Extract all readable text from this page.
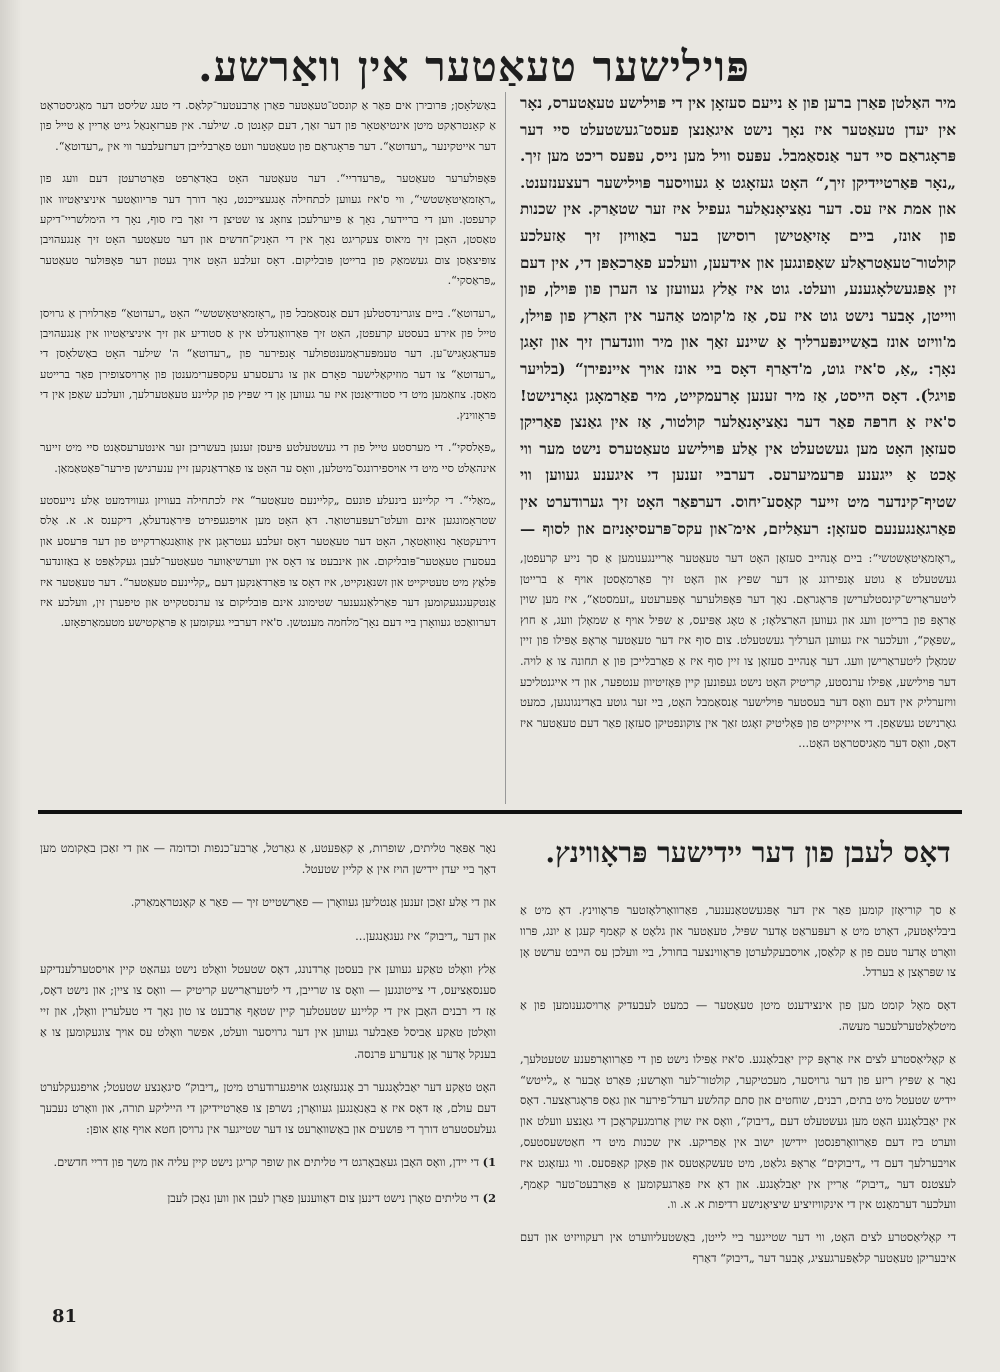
פּוילישער טעאַטער אין וואַרשע.

מיר האַלטן פאַרן ברען פון אַ נייעם סעזאָן אין די פּוילישע טעאַטערס, נאָר אין יעדן טעאַטער איז נאָך נישט איגאַנצן פעסט־געשטעלט סיי דער פּראָגראַם סיי דער אַנסאַמבל. עפּעס וויל מען נייס, עפּעס ריכט מען זיך. „נאָר פּאַרטיידיקן זיך,“ האָט געזאָגט אַ געוויסער פּוילישער רעצענזענט. און אמת איז עס. דער נאַציאָנאַלער געפיל איז זער שטאַרק. אין שכנות פון אונז, ביים אָזיאַטישן רוסישן בער באַוויזן זיך אַזעלכע קולטור־טעאַטראַלע שאַפונגען און אידעען, וועלכע פאַרכאַפּן די, אין דעם זין אַפּגעשלאָגענע, וועלט. גוט איז אַלץ געוועזן צו הערן פון פּוילן, פון ווייטן, אָבער נישט גוט איז עס, אַז מ'קומט אַהער אין האַרץ פון פּוילן, מ'וויזט אונז באַשיינפּערליך אַ שיינע זאַך און מיר ווונדערן זיך און זאָגן נאָך: „אַ, ס'איז גוט, מ'דאַרף דאָס ביי אונז אויך איינפירן“ (בלויער פויגל). דאָס הייסט, אַז מיר זענען אָרעמקייט, מיר פאַרמאָגן גאָרנישט! ס'איז אַ חרפּה פאַר דער נאַציאָנאַלער קולטור, אַז אין גאַנצן פאַריקן סעזאָן האָט מען געשטעלט אין אַלע פּוילישע טעאַטערס נישט מער ווי אַכט אַ ייגענע פּרעמיערעס. דערביי זענען די איגענע געווען ווי שטיף־קינדער מיט זייער קאַסע־יחוס. דערפאַר האָט זיך גערודערט אין פאַרגאַנגענעם סעזאָן: רעאַליזם, אימ־און עקס־פּרעסיאָניזם און לסוף —

„ראָזמאַיטאָשטשי“: ביים אָנהייב סעזאָן האָט דער טעאַטער אַריינגענומען אַ סך נייע קרעפטן, געשטעלט אַ גוטע אָנפירונג אָן דער שפּיץ און האָט זיך פאַרמאָסטן אויף אַ ברייטן ליטעראַריש־קינסטלערישן פּראָגראַם. נאָך דער פּאָפּולערער אָפּערעטע „זעמסטאַ“, איז מען שוין אַראָפּ פון ברייטן וועג און געווען האַרצלאָז; אַ טאָג אַפּיעס, אַ שפּיל אויף אַ שמאָלן וועג, אַ חוץ „שפּאָק“, וועלכער איז געווען הערליך געשטעלט. צום סוף איז דער טעאַטער אַראָפּ אַפּילו פון זיין שמאָלן ליטעראַרישן וועג. דער אָנהייב סעזאָן צו זיין סוף איז אַ פאַרבלייכן פון אַ תחונה צו אַ לויה. דער פּוילישע, אַפּילו ערנסטע, קריטיק האָט נישט געפונען קיין פּאָזיטיוון ענטפער, און די אייגנטליכע וויזערליק אין דעם וואָס דער בעסטער פּוילישער אַנסאַמבל האָט, ביי זער גוטע באַדינגונגען, כמעט גאָרנישט געשאַפן. די אייזיקייט פון פּאָליטיק זאָגט זאַך אין צוקונפטיקן סעזאָן פאַר דעם טעאַטער איז דאָס, וואָס דער מאַגיסטראַט האָט...

באַשלאָסן; פּרובירן אים פאַר אַ קונסט־טעאַטער פאַרן אַרבעטער־קלאַס. די טעג שליסט דער מאַגיסטראַט אַ קאָנטראַקט מיטן אינטיאַטאָר פון דער זאַך, דעם קאָנטן ס. שילער. אין פּערזאָנאַל גייט אַריין אַ טייל פון דער אייטקינער „רעדוטאַ“. דער פּראָגראַם פון טעאַטער וועט פאַרבלייבן דערזעלבער ווי אין „רעדוטאַ“.

פּאָפּולערער טעאַטער „פּרעדריי“. דער טעאַטער האָט באַדאַרפט פאַרטרעטן דעם וועג פון „ראָזמאַיטאָשטשי“, ווי ס'איז געווען לכתחילה אָנגעצייכנט, נאָר דורך דער פּריוואַטער איניציאַטיוו און קרעפטן. ווען די בריידער, נאָך אַ פּייערלעכן צוזאָג צו שטיצן די זאַך ביז סוף, נאָך די הימלשריי־דיקע טאַסטן, האָבן זיך מיאוס צעקריגט נאָך אין די האָניק־חדשים און דער טעאַטער האָט זיך אָנגעהויבן צופּיצאַסן צום געשמאַק פון ברייטן פּובליקום. דאָס זעלבע האָט אויך געטון דער פּאָפּולער טעאַטער „פּראַסקי“.

„רעדוטאַ“. ביים צוגרינדסטלען דעם אַנסאַמבל פון „ראָזמאַיטאָשטשי“ האָט „רעדוטאַ“ פאַרלוירן אַ גרויסן טייל פון אירע בעסטע קרעפטן, האָט זיך פּאַרוואַנדלט אין אַ סטודיע און זיך איניציאַטיוו אין אַנגעהויבן פּעדאַגאָגיש־ען. דער טעמפּעראַמענטפולער אָנפירער פון „רעדוטאַ“ ה' שילער האָט באַשלאָסן די „רעדוטאַ“ צו דער מוזיקאַלישער פאָרם און צו גרעסערע עקספּערימענטן פון אָרויסצופירן פאַר ברייטע מאַסן. צוזאַמען מיט די סטודיאַנטן איז ער געווען אָן די שפּיץ פון קליינע טעאַטערלעך, וועלכע שאַפן אין די פּראָווינץ.

„פּאָלסקי“. די מערסטע טייל פון די געשטעלטע פּיעסן זענען בעשריבן זער אינטערעסאַנט סיי מיט זייער אינהאַלט סיי מיט די אויספירונגס־מיטלען, וואָס ער האָט צו פאַרדאַנקען זיין ענערגישן פירער־פּאַטאַמאַן.

„מאַלי“. די קליינע בינעלע פונעם „קליינעם טעאַטער“ איז לכתחילה בעוויזן געווידמעט אַלע נייעסטע שטראָמונגען אינם וועלט־רעפּערטואַר. דאָ האָט מען אויפגעפירט פּיראַנדעלאָ, דיקענס א. א. אַלס דירעקטאָר נאָוואַטאָר, האָט דער טעאַטער דאָס זעלבע געטראָגן אין אַוואַנגאַרדקייט פון דער פּרעסע און בעסערן טעאַטער־פּובליקום. און אינבעט צו דאָס אין ווערשיאַווער טעאַטער־לעבן געקלאַפּט אַ באַזונדער פּלאַץ מיט טעטיקייט און זשנאַנקייט, איז דאָס צו פאַרדאַנקען דעם „קליינעם טעאַטער“. דער טעאַטער איז אַנטקעגנגעקומען דער פאַרלאַנגענער שטימונג אינם פּובליקום צו ערנסטקייט און טיפערן זין, וועלכע איז דערוואַכט געוואָרן ביי דעם נאָך־מלחמה מענטשן. ס'איז דערביי געקומען אַ פּראַקטישע מטעמאַרפאָזע.

דאָס לעבן פון דער יידישער פּראָווינץ.

אַ סך קוריאָזן קומען פאַר אין דער אָפּגעשטאַנענער, פאַרוואָרלאָזטער פּראָווינץ. דאָ מיט אַ ביבליאָטעק, דאָרט מיט אַ רעפּעראַט אָדער שפּיל, טעאַטער און גלאָט אַ קאַמף קעגן אַ יונג, פּרוו וואָרט אָדער טעם פון אַ קלאַסן, אויסבעקלערטן פּראָווינצער בחורל, ביי וועלכן עס הייבט ערשט אָן צו שפּראָצן אַ בערדל.

דאָס מאָל קומט מען פון אינצידענט מיטן טעאַטער — כמעט לעבעדיק אַרויסגענומען פון אַ מיטלאַלטערלעכער מעשה.

אַ קאָליאַסטרע לצים איז אַראָפּ קיין יאַבלאָנגע. ס'איז אַפּילו נישט פון די פאַרוואָרפענע שטעטלעך, נאָר אַ שפּיץ ריזע פון דער גרויסער, מעכטיקער, קולטור־לער וואָרשע; פּאַרט אָבער אַ „לייטש“ יידיש שטעטל מיט בתים, רבנים, שוחטים און סתם קהלשע רעדל־פירער און גאַס פּראָגראַצער. דאָס אין יאַבלאָנגע האָט מען געשטעלט דעם „דיבוק“, וואָס איז שוין אַרומגעקראָכן די גאַנצע וועלט און ווערט ביז דעם פאַרוואָרפנסטן יידישן ישוב אין אַפריקע. אין שכנות מיט די חאַטשעסטעס, אויבערלעך דעם די „דיבוקים“ אַראָפּ גלאַט, מיט טעשקאַטעס און פּאָקן קאַפּסעס. ווי געזאָגט איז לעצטנס דער „דיבוק“ אַריין אין יאַבלאָנגע. און דאָ איז פאַרגעקומען אַ פּאַרבעט־טער קאַמף, וועלכער דערמאָנט אין די אינקוויזיציע שיציאַנישע רדיפות א. א. וו.

די קאָליאַסטרע לצים האָט, ווי דער שטייגער ביי לייטן, באַשטעליווערט אין רעקוויזיט און דעם איבעריקן טעאַטער קלאַפּערגעציג, אָבער דער „דיבוק“ דאַרף

נאָר אַפּאַר טליתים, שופרות, אַ קאַפּעטע, אַ גאַרטל, אַרבע־כנפות וכדומה — און די זאַכן באַקומט מען דאָך ביי יעדן יידישן הויז אין אַ קליין שטעטל.

און די אַלע זאַכן זענען אַנטליען געוואָרן — פאַרשטייט זיך — פאַר אַ קאָנטראַמאַרק.

און דער „דיבוק“ איז געגאַנגען...

אַלץ וואָלט טאַקע געווען אין בעסטן אָרדנונג, דאָס שטעטל וואָלט נישט געהאַט קיין אויסטערלענדיקע סענסאַציעס, די צייטונגען — וואָס צו שרייבן, די ליטעראַרישע קריטיק — וואָס צו ציין; און נישט דאָס, אַז די רבנים האָבן אין די קליינע שטעטלעך קיין שטאָף אַרבעט צו טון נאָך די טעלערין וואָלן, און זיי וואָלטן טאַקע אַביסל פאַבלער געווען אין דער גרויסער וועלט, אפשר וואָלט עס אויך צוגעקומען צו אַ בענקל אָדער אָן אַנדערע פּרנסה.

האָט טאַקע דער יאַבלאָנגער רב אָנגעזאָגט אויפגערודערט מיטן „דיבוק“ סיגאַנצע שטעטל; אויפגעקלערט דעם עולם, אַז דאָס איז אַ באַנאַנגען געוואָרן; נשרפן צו פּאַרטיידיקן די הייליקע תורה, און וואָרט נעבעך געלעסטערט דורך די פּושעים און באַשוואַרעט צו דער שטייגער אין גרויסן חטא אויף אַזאַ אופן:

1) די יידן, וואָס האָבן געאַבאָרגט די טליתים און שופר קריגן נישט קיין עליה און משך פון דריי חדשים.
2) די טליתים טאָרן נישט דינען צום דאַווענען פאַרן לעבן און ווען נאָכן לעבן
81
